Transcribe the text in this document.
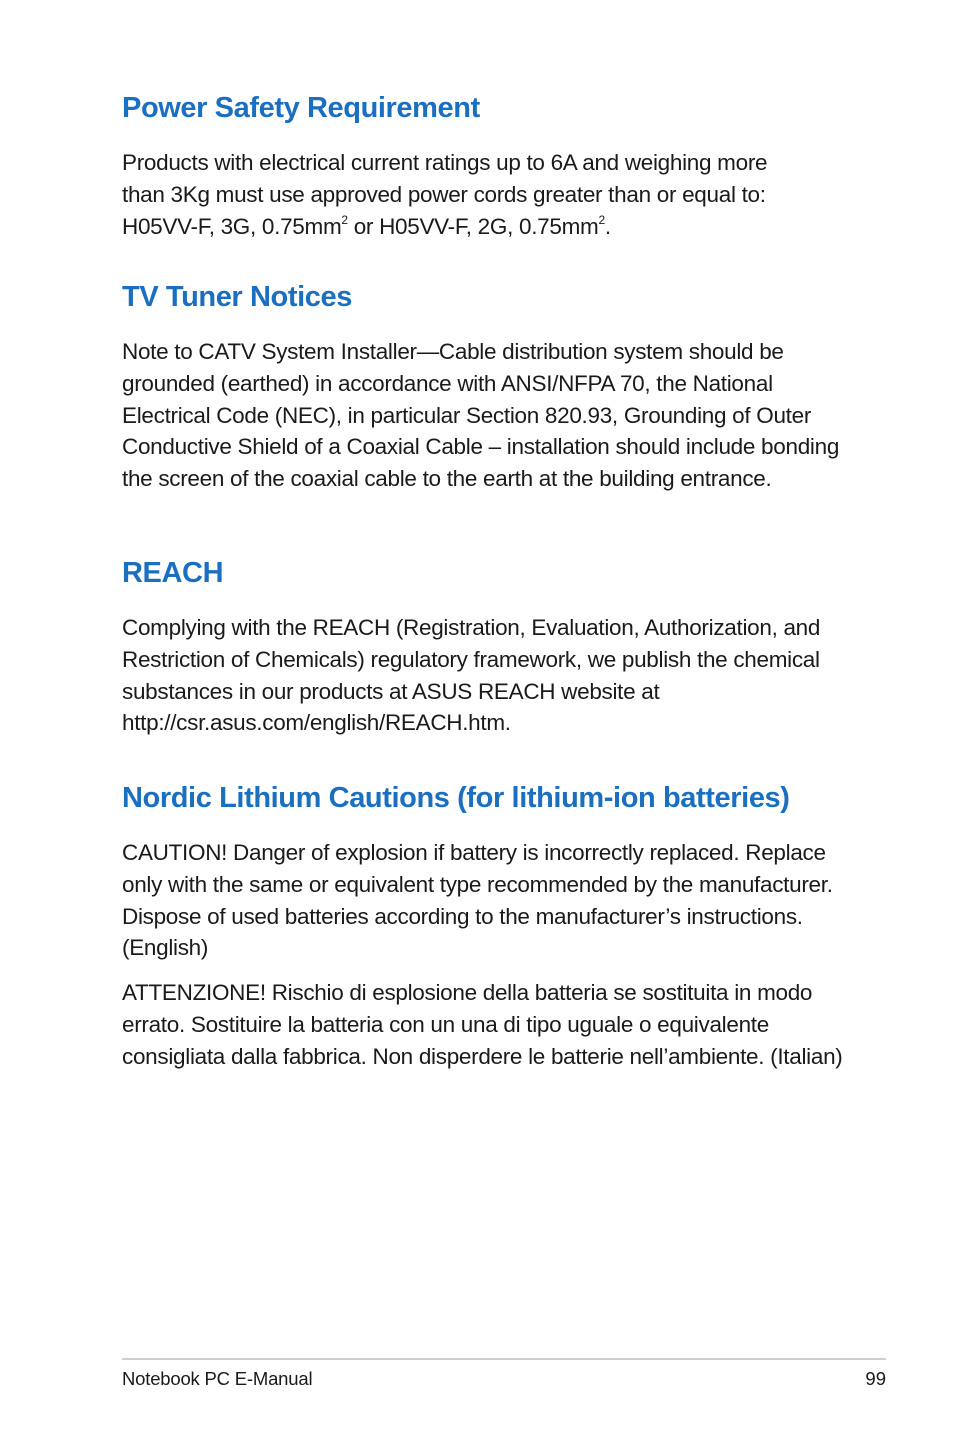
Power Safety Requirement

Products with electrical current ratings up to 6A and weighing more
than 3Kg must use approved power cords greater than or equal to:
H05VV-F, 3G, $0.75mm^2$ or H05VV-F, 2G, $0.75mm^2$.

TV Tuner Notices

Note to CATV System Installer—Cable distribution system should be grounded (earthed) in accordance with ANSI/NFPA 70, the National Electrical Code (NEC), in particular Section 820.93, Grounding of Outer Conductive Shield of a Coaxial Cable – installation should include bonding the screen of the coaxial cable to the earth at the building entrance.

REACH

Complying with the REACH (Registration, Evaluation, Authorization, and Restriction of Chemicals) regulatory framework, we publish the chemical substances in our products at ASUS REACH website at http://csr.asus.com/english/REACH.htm.

Nordic Lithium Cautions (for lithium-ion batteries)

CAUTION! Danger of explosion if battery is incorrectly replaced. Replace only with the same or equivalent type recommended by the manufacturer. Dispose of used batteries according to the manufacturer’s instructions. (English)

ATTENZIONE! Rischio di esplosione della batteria se sostituita in modo errato. Sostituire la batteria con un una di tipo uguale o equivalente consigliata dalla fabbrica. Non disperdere le batterie nell’ambiente. (Italian)

Notebook PC E-Manual	99
